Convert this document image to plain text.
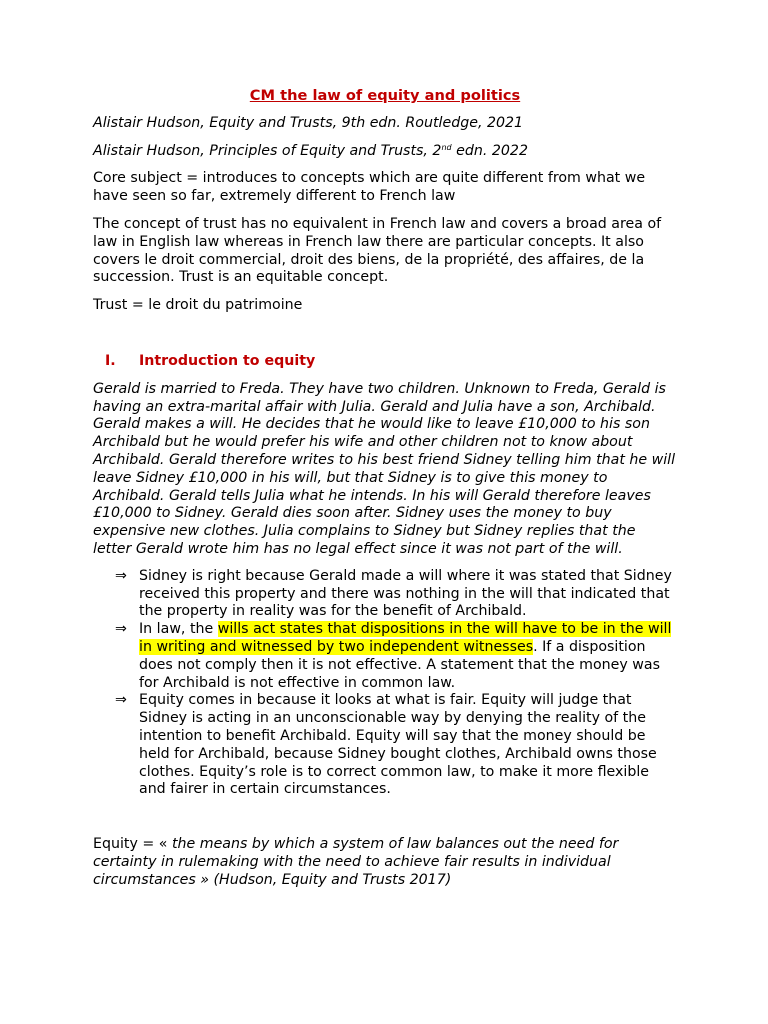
CM the law of equity and politics

Alistair Hudson, Equity and Trusts, 9th edn. Routledge, 2021

Alistair Hudson, Principles of Equity and Trusts, 2nd edn. 2022

Core subject = introduces to concepts which are quite different from what we have seen so far, extremely different to French law

The concept of trust has no equivalent in French law and covers a broad area of law in English law whereas in French law there are particular concepts. It also covers le droit commercial, droit des biens, de la propriété, des affaires, de la succession. Trust is an equitable concept.

Trust = le droit du patrimoine

I.	Introduction to equity

Gerald is married to Freda. They have two children. Unknown to Freda, Gerald is having an extra-marital affair with Julia. Gerald and Julia have a son, Archibald. Gerald makes a will. He decides that he would like to leave £10,000 to his son Archibald but he would prefer his wife and other children not to know about Archibald. Gerald therefore writes to his best friend Sidney telling him that he will leave Sidney £10,000 in his will, but that Sidney is to give this money to Archibald. Gerald tells Julia what he intends. In his will Gerald therefore leaves £10,000 to Sidney. Gerald dies soon after. Sidney uses the money to buy expensive new clothes. Julia complains to Sidney but Sidney replies that the letter Gerald wrote him has no legal effect since it was not part of the will.

⇒ Sidney is right because Gerald made a will where it was stated that Sidney received this property and there was nothing in the will that indicated that the property in reality was for the benefit of Archibald.
⇒ In law, the wills act states that dispositions in the will have to be in the will in writing and witnessed by two independent witnesses. If a disposition does not comply then it is not effective. A statement that the money was for Archibald is not effective in common law.
⇒ Equity comes in because it looks at what is fair. Equity will judge that Sidney is acting in an unconscionable way by denying the reality of the intention to benefit Archibald. Equity will say that the money should be held for Archibald, because Sidney bought clothes, Archibald owns those clothes. Equity’s role is to correct common law, to make it more flexible and fairer in certain circumstances.

Equity = « the means by which a system of law balances out the need for certainty in rulemaking with the need to achieve fair results in individual circumstances » (Hudson, Equity and Trusts 2017)
